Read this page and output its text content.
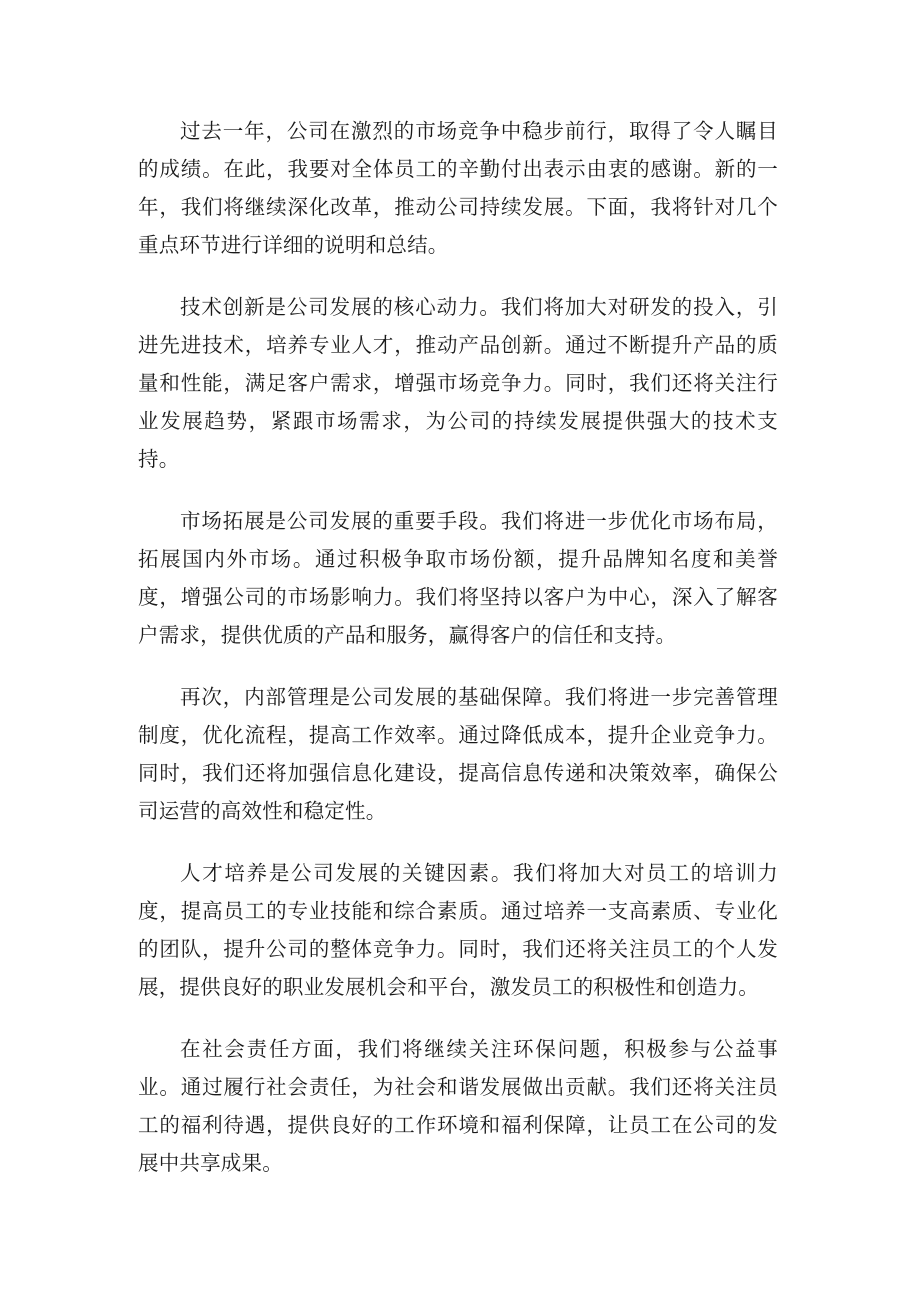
过去一年，公司在激烈的市场竞争中稳步前行，取得了令人瞩目的成绩。在此，我要对全体员工的辛勤付出表示由衷的感谢。新的一年，我们将继续深化改革，推动公司持续发展。下面，我将针对几个重点环节进行详细的说明和总结。

技术创新是公司发展的核心动力。我们将加大对研发的投入，引进先进技术，培养专业人才，推动产品创新。通过不断提升产品的质量和性能，满足客户需求，增强市场竞争力。同时，我们还将关注行业发展趋势，紧跟市场需求，为公司的持续发展提供强大的技术支持。

市场拓展是公司发展的重要手段。我们将进一步优化市场布局，拓展国内外市场。通过积极争取市场份额，提升品牌知名度和美誉度，增强公司的市场影响力。我们将坚持以客户为中心，深入了解客户需求，提供优质的产品和服务，赢得客户的信任和支持。

再次，内部管理是公司发展的基础保障。我们将进一步完善管理制度，优化流程，提高工作效率。通过降低成本，提升企业竞争力。同时，我们还将加强信息化建设，提高信息传递和决策效率，确保公司运营的高效性和稳定性。

人才培养是公司发展的关键因素。我们将加大对员工的培训力度，提高员工的专业技能和综合素质。通过培养一支高素质、专业化的团队，提升公司的整体竞争力。同时，我们还将关注员工的个人发展，提供良好的职业发展机会和平台，激发员工的积极性和创造力。

在社会责任方面，我们将继续关注环保问题，积极参与公益事业。通过履行社会责任，为社会和谐发展做出贡献。我们还将关注员工的福利待遇，提供良好的工作环境和福利保障，让员工在公司的发展中共享成果。
